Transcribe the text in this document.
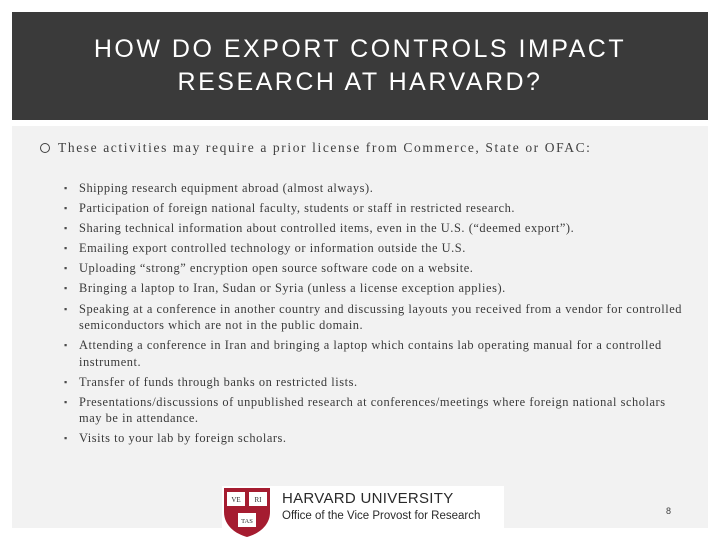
HOW DO EXPORT CONTROLS IMPACT
RESEARCH AT HARVARD?
These activities may require a prior license from Commerce, State or OFAC:
▪ Shipping research equipment abroad (almost always).
▪ Participation of foreign national faculty, students or staff in restricted research.
▪ Sharing technical information about controlled items, even in the U.S. (“deemed export”).
▪ Emailing export controlled technology or information outside the U.S.
▪ Uploading “strong” encryption open source software code on a website.
▪ Bringing a laptop to Iran, Sudan or Syria (unless a license exception applies).
▪ Speaking at a conference in another country and discussing layouts you received from a vendor for controlled semiconductors which are not in the public domain.
▪ Attending a conference in Iran and bringing a laptop which contains lab operating manual for a controlled instrument.
▪ Transfer of funds through banks on restricted lists.
▪ Presentations/discussions of unpublished research at conferences/meetings where foreign national scholars may be in attendance.
▪ Visits to your lab by foreign scholars.
VE RI
TAS
HARVARD UNIVERSITY
Office of the Vice Provost for Research	8
